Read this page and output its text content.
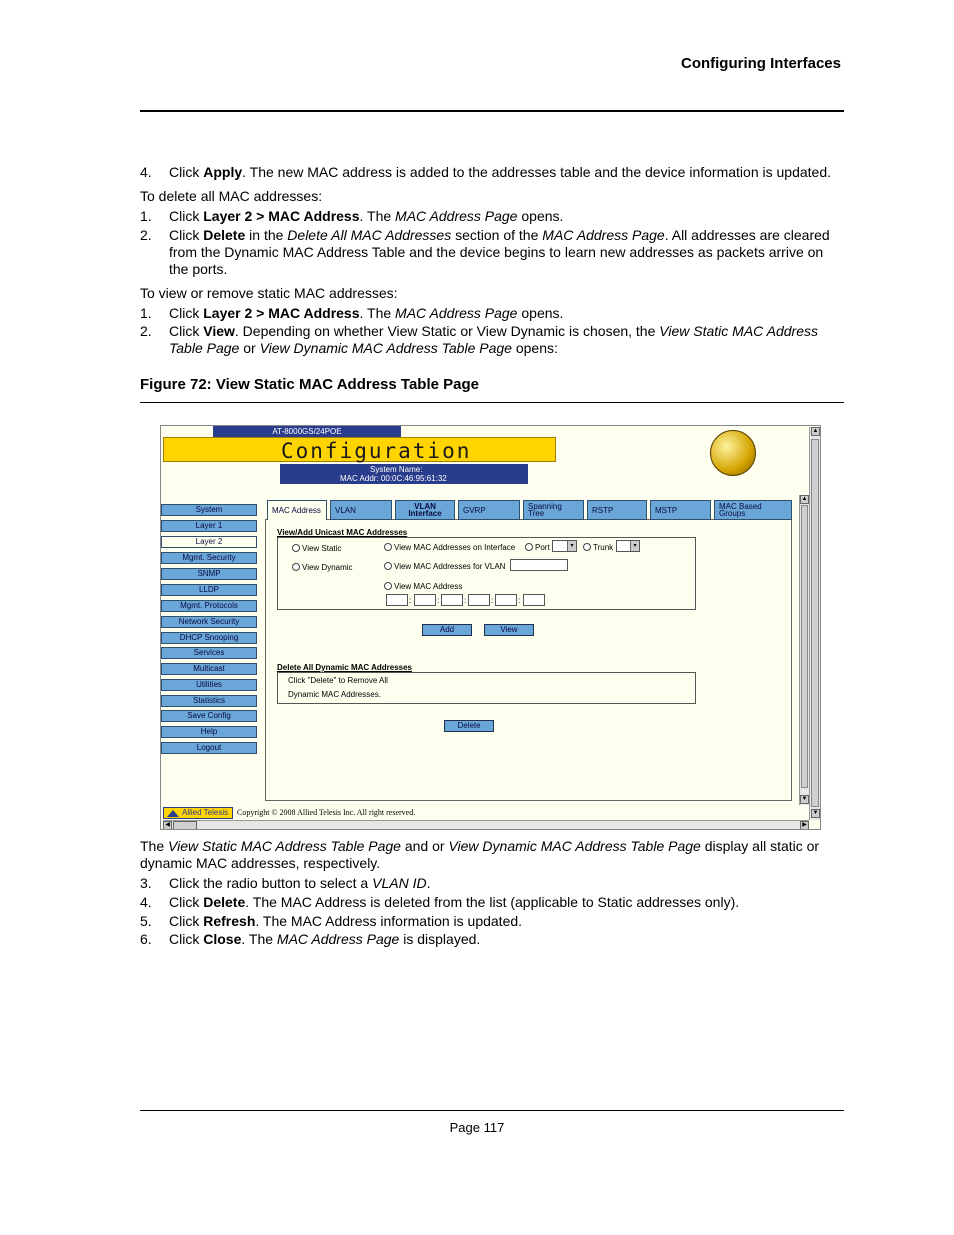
Configuring Interfaces
4.	Click Apply. The new MAC address is added to the addresses table and the device information is updated.
To delete all MAC addresses:
1.	Click Layer 2 > MAC Address. The MAC Address Page opens.
2.	Click Delete in the Delete All MAC Addresses section of the MAC Address Page. All addresses are cleared from the Dynamic MAC Address Table and the device begins to learn new addresses as packets arrive on the ports.
To view or remove static MAC addresses:
1.	Click Layer 2 > MAC Address. The MAC Address Page opens.
2.	Click View. Depending on whether View Static or View Dynamic is chosen, the View Static MAC Address Table Page or View Dynamic MAC Address Table Page opens:
Figure 72: View Static MAC Address Table Page
AT-8000GS/24POE
Configuration
System Name:
MAC Addr: 00:0C:46:95:61:32
System
Layer 1
Layer 2
Mgmt. Security
SNMP
LLDP
Mgmt. Protocols
Network Security
DHCP Snooping
Services
Multicast
Utilities
Statistics
Save Config
Help
Logout
MAC Address	VLAN	VLAN
Interface	GVRP	Spanning
Tree	RSTP	MSTP	MAC Based
Groups
View/Add Unicast MAC Addresses
View Static
View Dynamic
View MAC Addresses on Interface	Port	▾	Trunk	▾
View MAC Addresses for VLAN
View MAC Address
:	:	:	:	:
Add	View
Delete All Dynamic MAC Addresses
Click "Delete" to Remove All
Dynamic MAC Addresses.
Delete
▲
▼
Allied Telesis	Copyright © 2008 Allied Telesis Inc. All right reserved.
▲
▼
◀	▶
The View Static MAC Address Table Page and or View Dynamic MAC Address Table Page display all static or dynamic MAC addresses, respectively.
3.	Click the radio button to select a VLAN ID.
4.	Click Delete. The MAC Address is deleted from the list (applicable to Static addresses only).
5.	Click Refresh. The MAC Address information is updated.
6.	Click Close. The MAC Address Page is displayed.
Page 117
